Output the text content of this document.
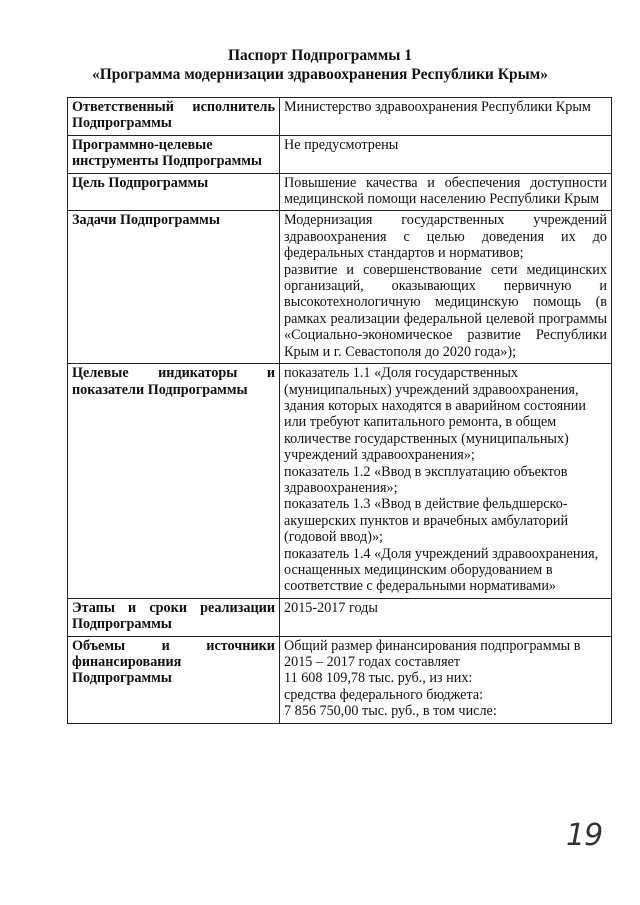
Паспорт Подпрограммы 1
«Программа модернизации здравоохранения Республики Крым»
Ответственный исполнитель Подпрограммы	Министерство здравоохранения Республики Крым

Программно-целевые инструменты Подпрограммы	Не предусмотрены

Цель Подпрограммы	Повышение качества и обеспечения доступности медицинской помощи населению Республики Крым

Задачи Подпрограммы	Модернизация государственных учреждений здравоохранения с целью доведения их до федеральных стандартов и нормативов;
развитие и совершенствование сети медицинских организаций, оказывающих первичную и высокотехнологичную медицинскую помощь (в рамках реализации федеральной целевой программы «Социально-экономическое развитие Республики Крым и г. Севастополя до 2020 года»);

Целевые индикаторы и показатели Подпрограммы	показатель 1.1 «Доля государственных (муниципальных) учреждений здравоохранения, здания которых находятся в аварийном состоянии или требуют капитального ремонта, в общем количестве государственных (муниципальных) учреждений здравоохранения»;
показатель 1.2 «Ввод в эксплуатацию объектов здравоохранения»;
показатель 1.3 «Ввод в действие фельдшерско-акушерских пунктов и врачебных амбулаторий (годовой ввод)»;
показатель 1.4 «Доля учреждений здравоохранения, оснащенных медицинским оборудованием в соответствие с федеральными нормативами»

Этапы и сроки реализации Подпрограммы	2015-2017 годы

Объемы и источники финансирования Подпрограммы	Общий размер финансирования подпрограммы в 2015 – 2017 годах составляет
11 608 109,78 тыс. руб., из них:
средства федерального бюджета:
7 856 750,00 тыс. руб., в том числе:
19
